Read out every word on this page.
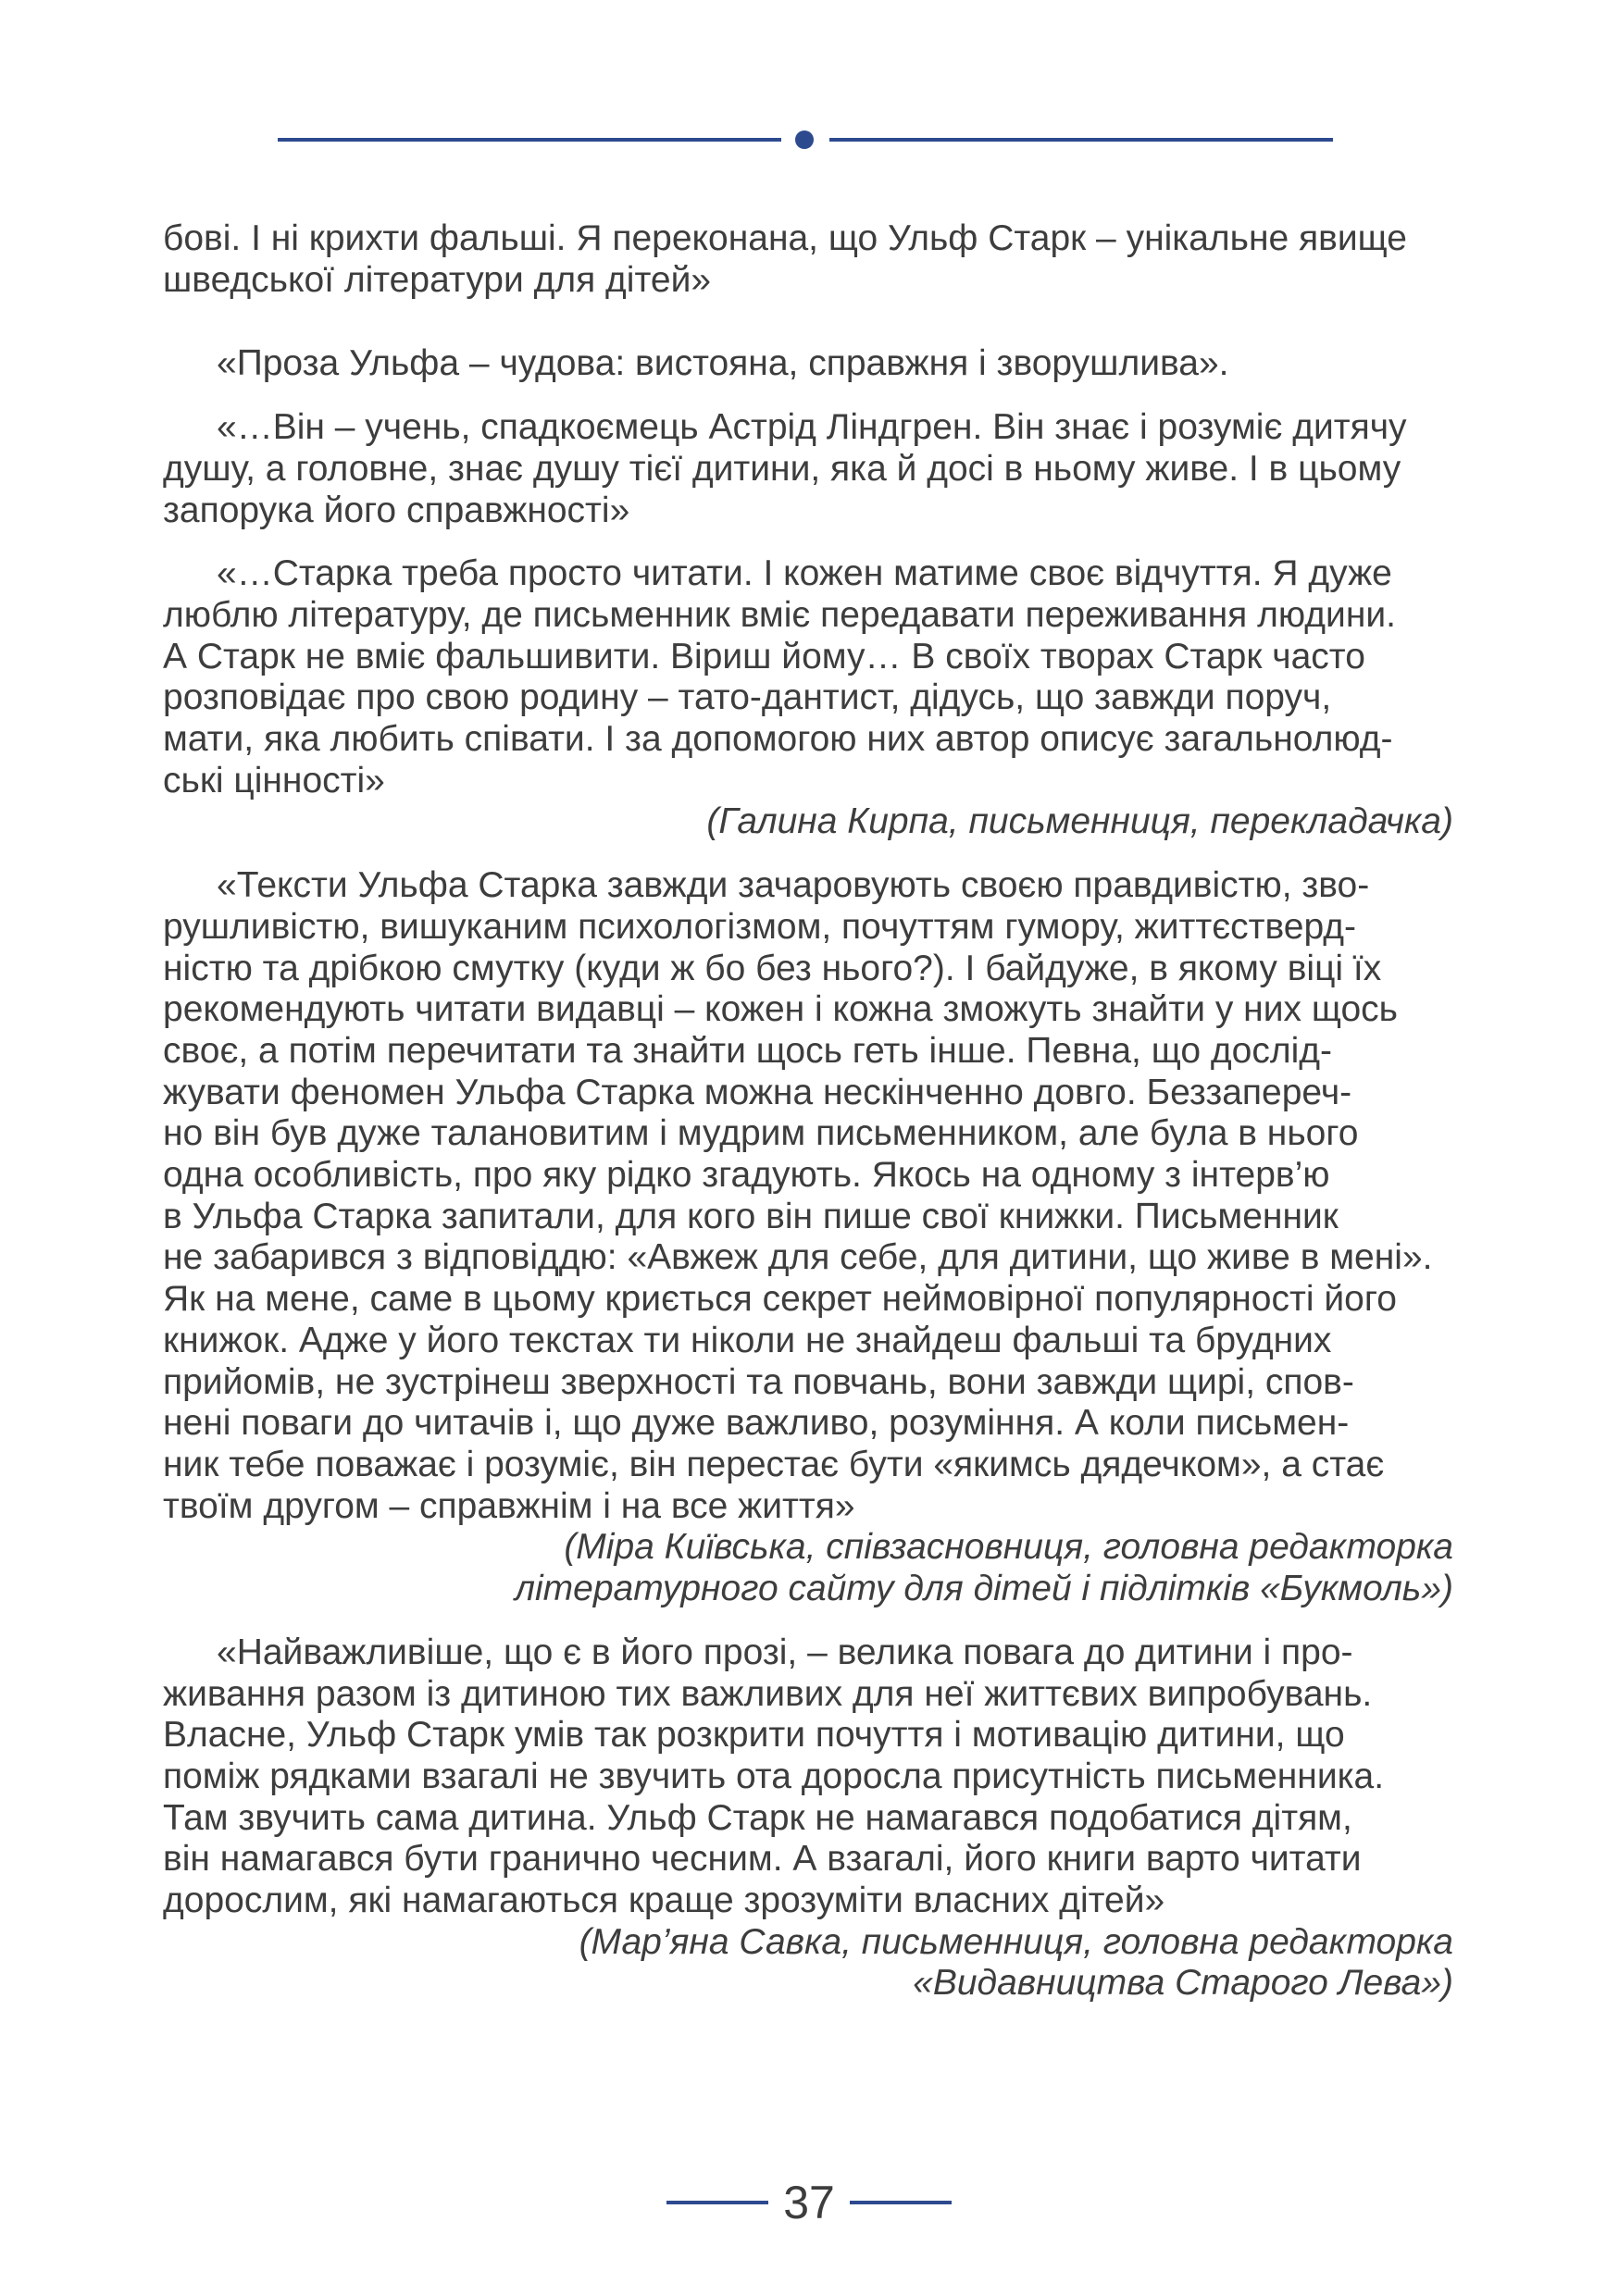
бові. І ні крихти фальші. Я переконана, що Ульф Старк – унікальне явище
шведської літератури для дітей»

«Проза Ульфа – чудова: вистояна, справжня і зворушлива».

«…Він – учень, спадкоємець Астрід Ліндгрен. Він знає і розуміє дитячу
душу, а головне, знає душу тієї дитини, яка й досі в ньому живе. І в цьому
запорука його справжності»

«…Старка треба просто читати. І кожен матиме своє відчуття. Я дуже
люблю літературу, де письменник вміє передавати переживання людини.
А Старк не вміє фальшивити. Віриш йому… В своїх творах Старк часто
розповідає про свою родину – тато-дантист, дідусь, що завжди поруч,
мати, яка любить співати. І за допомогою них автор описує загальнолюд-
ські цінності»

(Галина Кирпа, письменниця, перекладачка)

«Тексти Ульфа Старка завжди зачаровують своєю правдивістю, зво-
рушливістю, вишуканим психологізмом, почуттям гумору, життєстверд-
ністю та дрібкою смутку (куди ж бо без нього?). І байдуже, в якому віці їх
рекомендують читати видавці – кожен і кожна зможуть знайти у них щось
своє, а потім перечитати та знайти щось геть інше. Певна, що дослід-
жувати феномен Ульфа Старка можна нескінченно довго. Беззапереч-
но він був дуже талановитим і мудрим письменником, але була в нього
одна особливість, про яку рідко згадують. Якось на одному з інтерв’ю
в Ульфа Старка запитали, для кого він пише свої книжки. Письменник
не забарився з відповіддю: «Авжеж для себе, для дитини, що живе в мені».
Як на мене, саме в цьому криється секрет неймовірної популярності його
книжок. Адже у його текстах ти ніколи не знайдеш фальші та брудних
прийомів, не зустрінеш зверхності та повчань, вони завжди щирі, спов-
нені поваги до читачів і, що дуже важливо, розуміння. А коли письмен-
ник тебе поважає і розуміє, він перестає бути «якимсь дядечком», а стає
твоїм другом – справжнім і на все життя»

(Міра Київська, співзасновниця, головна редакторка
літературного сайту для дітей і підлітків «Букмоль»)

«Найважливіше, що є в його прозі, – велика повага до дитини і про-
живання разом із дитиною тих важливих для неї життєвих випробувань.
Власне, Ульф Старк умів так розкрити почуття і мотивацію дитини, що
поміж рядками взагалі не звучить ота доросла присутність письменника.
Там звучить сама дитина. Ульф Старк не намагався подобатися дітям,
він намагався бути гранично чесним. А взагалі, його книги варто читати
дорослим, які намагаються краще зрозуміти власних дітей»

(Мар’яна Савка, письменниця, головна редакторка
«Видавництва Старого Лева»)

37
